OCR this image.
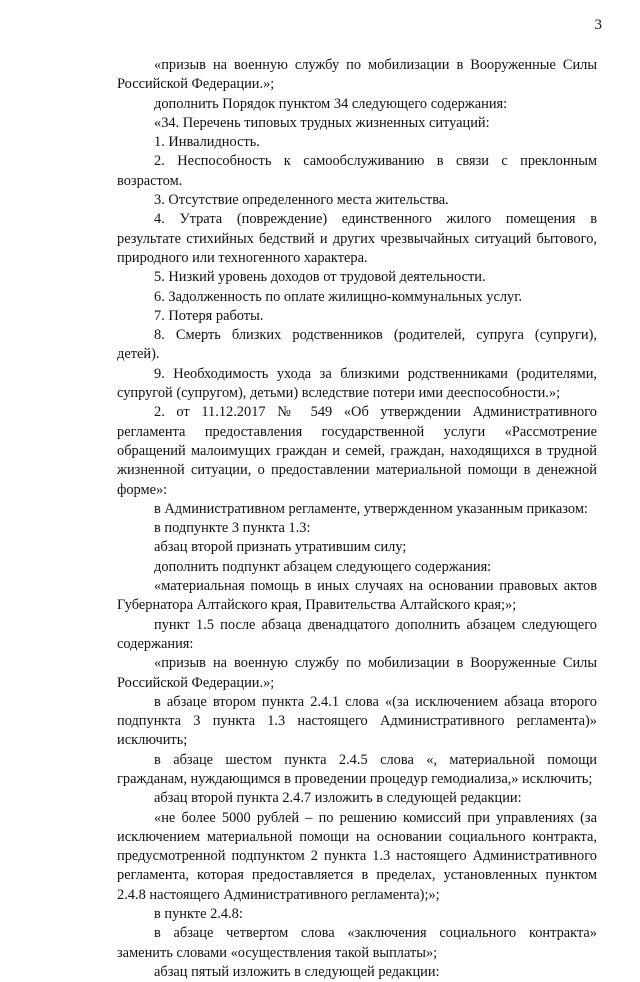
3

«призыв на военную службу по мобилизации в Вооруженные Силы Российской Федерации.»;

дополнить Порядок пунктом 34 следующего содержания:

«34. Перечень типовых трудных жизненных ситуаций:

1. Инвалидность.

2. Неспособность к самообслуживанию в связи с преклонным возрастом.

3. Отсутствие определенного места жительства.

4. Утрата (повреждение) единственного жилого помещения в результате стихийных бедствий и других чрезвычайных ситуаций бытового, природного или техногенного характера.

5. Низкий уровень доходов от трудовой деятельности.

6. Задолженность по оплате жилищно-коммунальных услуг.

7. Потеря работы.

8. Смерть близких родственников (родителей, супруга (супруги), детей).

9. Необходимость ухода за близкими родственниками (родителями, супругой (супругом), детьми) вследствие потери ими дееспособности.»;

2. от 11.12.2017 № 549 «Об утверждении Административного регламента предоставления государственной услуги «Рассмотрение обращений малоимущих граждан и семей, граждан, находящихся в трудной жизненной ситуации, о предоставлении материальной помощи в денежной форме»:

в Административном регламенте, утвержденном указанным приказом:

в подпункте 3 пункта 1.3:

абзац второй признать утратившим силу;

дополнить подпункт абзацем следующего содержания:

«материальная помощь в иных случаях на основании правовых актов Губернатора Алтайского края, Правительства Алтайского края;»;

пункт 1.5 после абзаца двенадцатого дополнить абзацем следующего содержания:

«призыв на военную службу по мобилизации в Вооруженные Силы Российской Федерации.»;

в абзаце втором пункта 2.4.1 слова «(за исключением абзаца второго подпункта 3 пункта 1.3 настоящего Административного регламента)» исключить;

в абзаце шестом пункта 2.4.5 слова «, материальной помощи гражданам, нуждающимся в проведении процедур гемодиализа,» исключить;

абзац второй пункта 2.4.7 изложить в следующей редакции:

«не более 5000 рублей – по решению комиссий при управлениях (за исключением материальной помощи на основании социального контракта, предусмотренной подпунктом 2 пункта 1.3 настоящего Административного регламента, которая предоставляется в пределах, установленных пунктом 2.4.8 настоящего Административного регламента);»;

в пункте 2.4.8:

в абзаце четвертом слова «заключения социального контракта» заменить словами «осуществления такой выплаты»;

абзац пятый изложить в следующей редакции:
